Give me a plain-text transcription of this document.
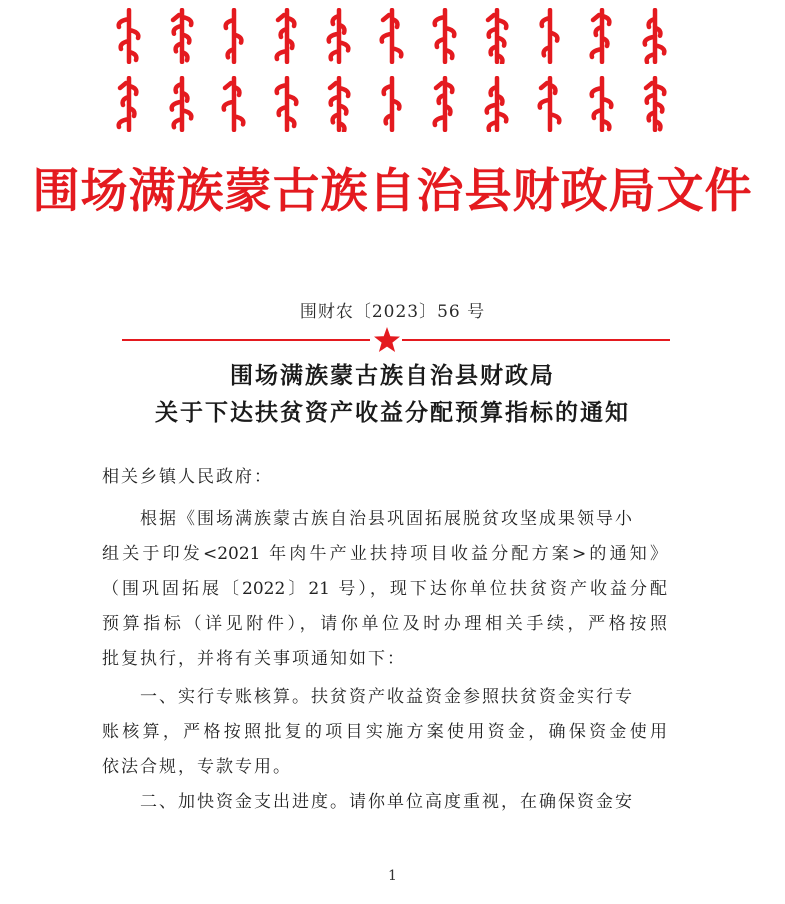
围场满族蒙古族自治县财政局文件
围财农〔2023〕56 号
围场满族蒙古族自治县财政局
关于下达扶贫资产收益分配预算指标的通知
相关乡镇人民政府：
根据《围场满族蒙古族自治县巩固拓展脱贫攻坚成果领导小
组关于印发<2021 年肉牛产业扶持项目收益分配方案>的通知》
（围巩固拓展〔2022〕21 号），现下达你单位扶贫资产收益分配
预算指标（详见附件），请你单位及时办理相关手续，严格按照
批复执行，并将有关事项通知如下：
一、实行专账核算。扶贫资产收益资金参照扶贫资金实行专
账核算，严格按照批复的项目实施方案使用资金，确保资金使用
依法合规，专款专用。
二、加快资金支出进度。请你单位高度重视，在确保资金安
1
